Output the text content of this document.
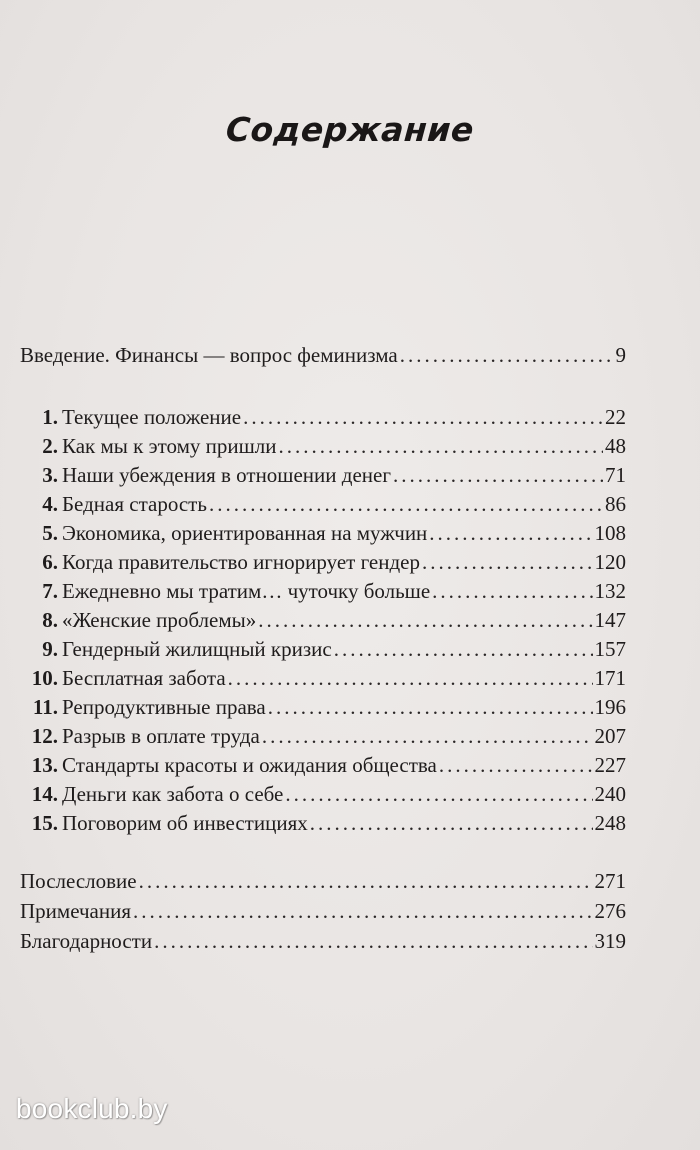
Содержание
Введение. Финансы — вопрос феминизма .....	9
1. Текущее положение .....	22
2. Как мы к этому пришли .....	48
3. Наши убеждения в отношении денег .....	71
4. Бедная старость .....	86
5. Экономика, ориентированная на мужчин .....	108
6. Когда правительство игнорирует гендер .....	120
7. Ежедневно мы тратим… чуточку больше .....	132
8. «Женские проблемы» .....	147
9. Гендерный жилищный кризис .....	157
10. Бесплатная забота .....	171
11. Репродуктивные права .....	196
12. Разрыв в оплате труда .....	207
13. Стандарты красоты и ожидания общества .....	227
14. Деньги как забота о себе .....	240
15. Поговорим об инвестициях .....	248
Послесловие .....	271
Примечания .....	276
Благодарности .....	319
bookclub.by
